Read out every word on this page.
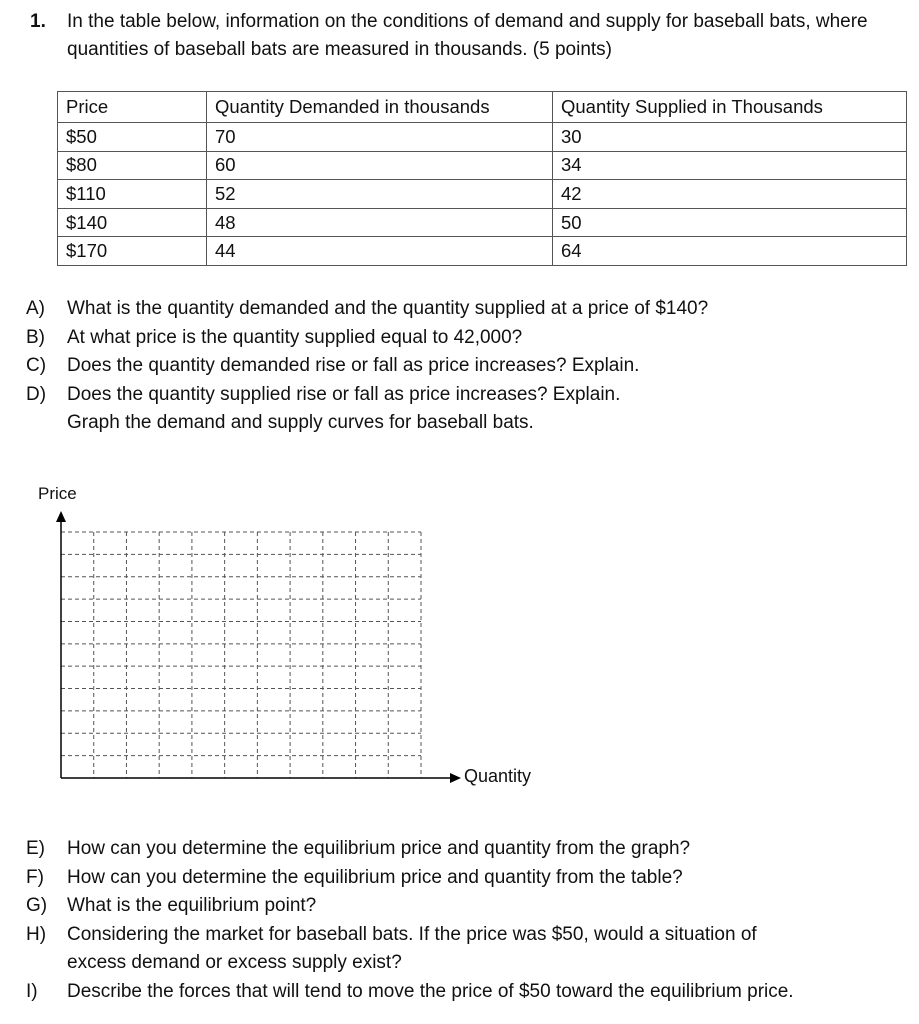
1. In the table below, information on the conditions of demand and supply for baseball bats, where quantities of baseball bats are measured in thousands. (5 points)
Price	Quantity Demanded in thousands	Quantity Supplied in Thousands
$50	70	30
$80	60	34
$110	52	42
$140	48	50
$170	44	64
A) What is the quantity demanded and the quantity supplied at a price of $140?
B) At what price is the quantity supplied equal to 42,000?
C) Does the quantity demanded rise or fall as price increases? Explain.
D) Does the quantity supplied rise or fall as price increases? Explain.
Graph the demand and supply curves for baseball bats.
Price
Quantity
E) How can you determine the equilibrium price and quantity from the graph?
F) How can you determine the equilibrium price and quantity from the table?
G) What is the equilibrium point?
H) Considering the market for baseball bats. If the price was $50, would a situation of
excess demand or excess supply exist?
I) Describe the forces that will tend to move the price of $50 toward the equilibrium price.
